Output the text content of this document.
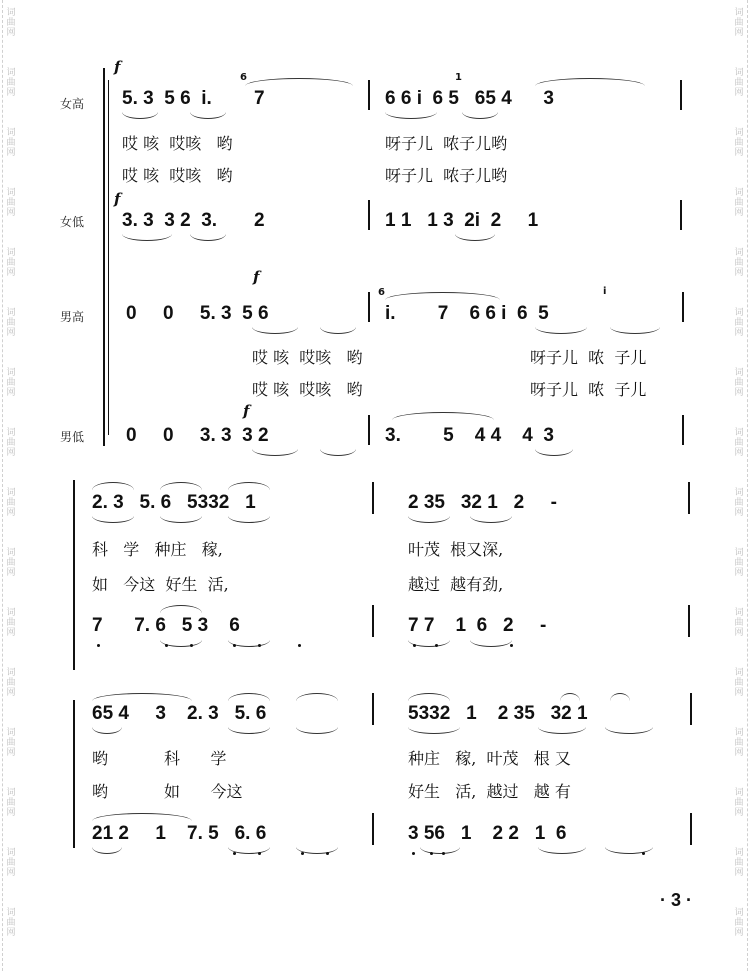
词
曲
网
词
曲
网
词
曲
网
词
曲
网
词
曲
网
词
曲
网
词
曲
网
词
曲
网
词
曲
网
词
曲
网
词
曲
网
词
曲
网
词
曲
网
词
曲
网
词
曲
网
词
曲
网
词
曲
网
词
曲
网
词
曲
网
词
曲
网
词
曲
网
词
曲
网
词
曲
网
词
曲
网
词
曲
网
词
曲
网
词
曲
网
词
曲
网
词
曲
网
词
曲
网
词
曲
网
词
曲
网
女高
女低
男高
男低
f
f
f
f
5. 3  5 6  i.        7	6 6 i  6 5   65 4      3
6	1
哎 咳  哎咳   哟	呀子儿  哝子儿哟
哎 咳  哎咳   哟	呀子儿  哝子儿哟
3. 3  3 2  3.       2	1 1   1 3  2i  2     1
0     0     5. 3  5 6	i.        7    6 6 i  6  5
6	i
哎 咳  哎咳   哟	呀子儿  哝  子儿
哎 咳  哎咳   哟	呀子儿  哝  子儿
0     0     3. 3  3 2	3.        5    4 4    4  3
2. 3   5. 6   5332   1	2 35   32 1   2     -
科   学   种庄   稼,	叶茂  根又深,
如   今这  好生  活,	越过  越有劲,
7      7. 6   5 3    6	7 7    1  6   2     -
65 4     3    2. 3   5. 6	5332   1    2 35   32 1
哟           科      学	种庄   稼,  叶茂   根 又
哟           如      今这	好生   活,  越过   越 有
21 2     1    7. 5   6. 6	3 56   1    2 2   1  6
· 3 ·
